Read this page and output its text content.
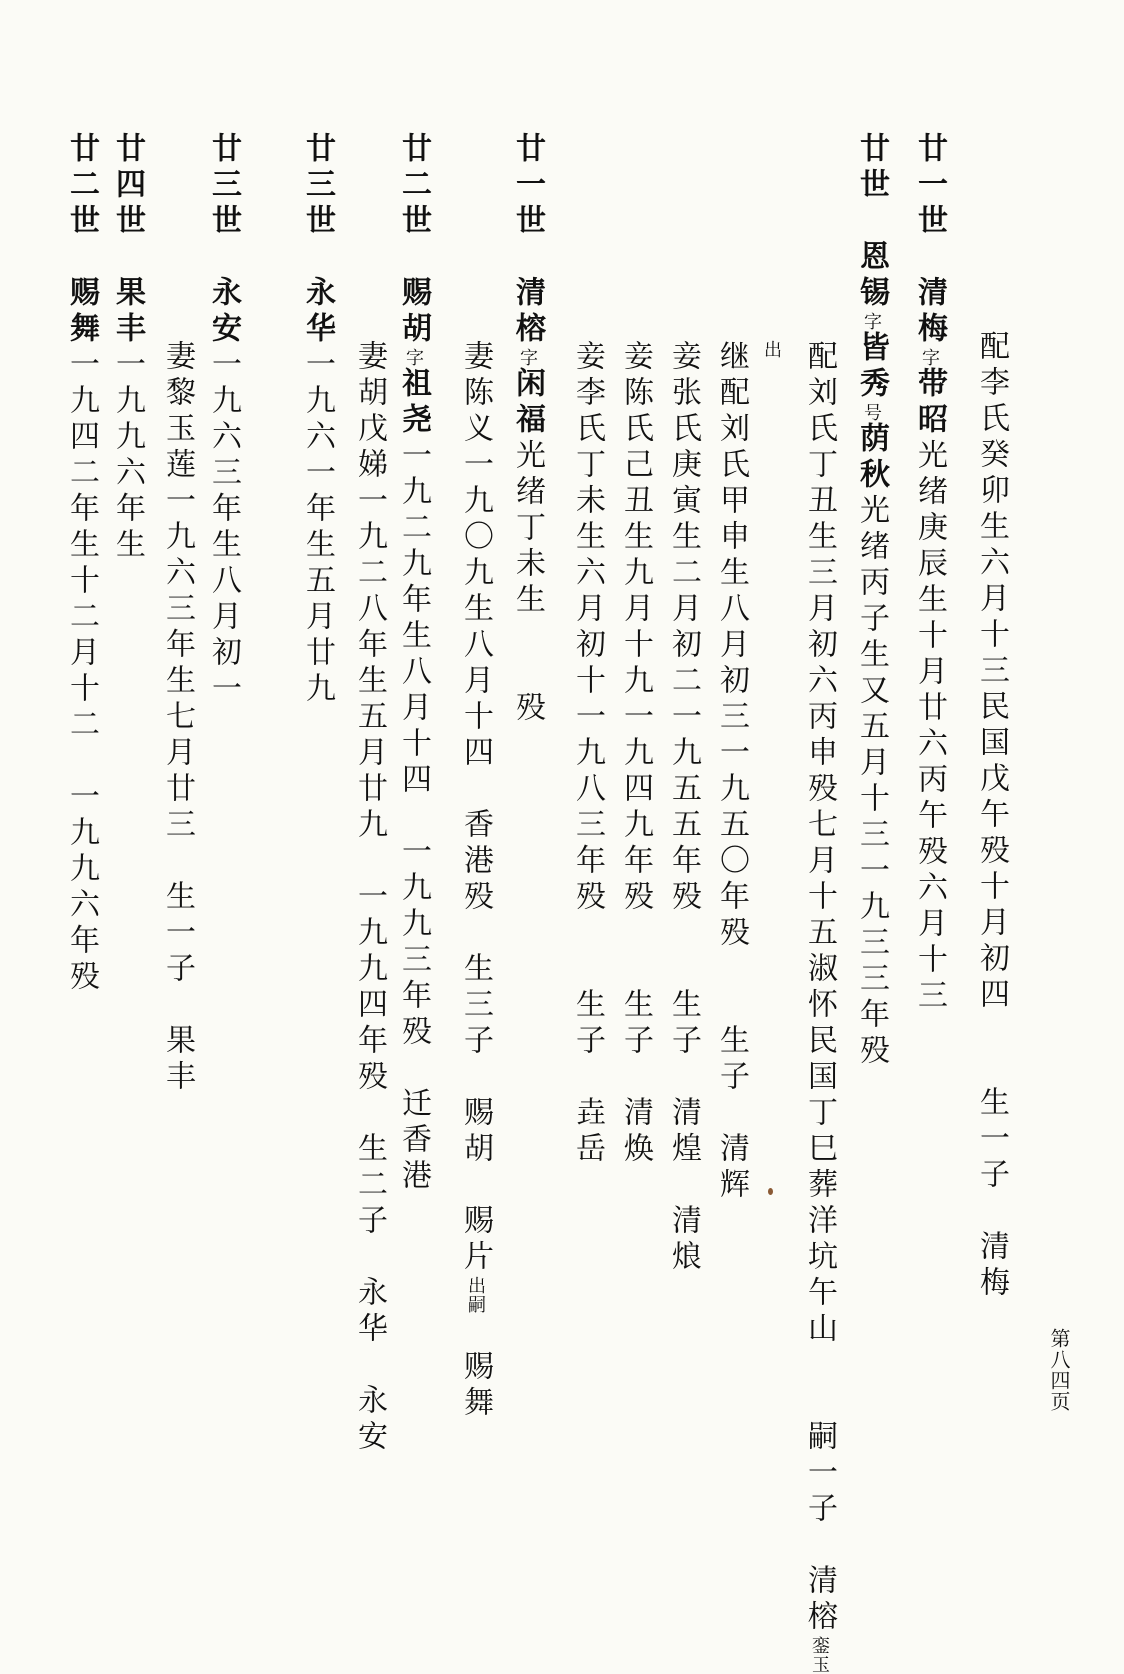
配李氏癸卯生六月十三民国戊午殁十月初四　　生一子　清梅
廿一世　清梅字带昭光绪庚辰生十月廿六丙午殁六月十三
廿世　恩锡字皆秀号荫秋光绪丙子生又五月十三一九三三年殁
配刘氏丁丑生三月初六丙申殁七月十五淑怀民国丁巳葬洋坑午山　　嗣一子　清榕銮玉
出
继配刘氏甲申生八月初三一九五〇年殁　　生子　清辉
妾张氏庚寅生二月初二一九五五年殁　　生子　清煌　清烺
妾陈氏己丑生九月十九一九四九年殁　　生子　清焕
妾李氏丁未生六月初十一九八三年殁　　生子　垚岳
廿一世　清榕字闲福光绪丁未生　　殁
妻陈义一九〇九生八月十四　香港殁　生三子　赐胡　赐片出嗣　赐舞
廿二世　赐胡字祖尧一九二九年生八月十四　一九九三年殁　迁香港
妻胡戊娣一九二八年生五月廿九　一九九四年殁　生二子　永华　永安
廿三世　永华一九六一年生五月廿九
廿三世　永安一九六三年生八月初一
妻黎玉莲一九六三年生七月廿三　生一子　果丰
廿四世　果丰一九九六年生
廿二世　赐舞一九四二年生十二月十二　一九九六年殁
第八四页
